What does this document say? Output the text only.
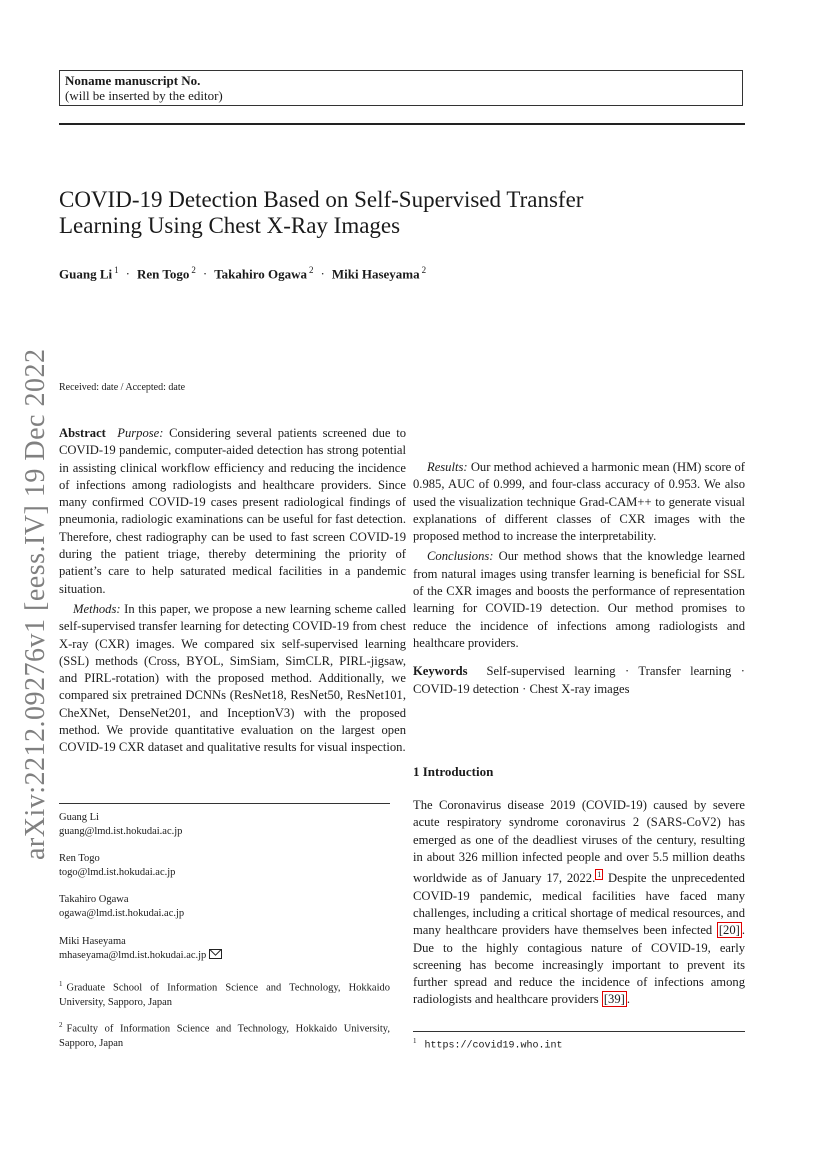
Noname manuscript No.
(will be inserted by the editor)
COVID-19 Detection Based on Self-Supervised Transfer
Learning Using Chest X-Ray Images
Guang Li $^1$ · Ren Togo $^2$ · Takahiro Ogawa $^2$ · Miki Haseyama $^2$
arXiv:2212.09276v1 [eess.IV] 19 Dec 2022 Received: date / Accepted: date

Abstract Purpose: Considering several patients screened due to COVID-19 pandemic, computer-aided detection has strong potential in assisting clinical workflow efficiency and reducing the incidence of infections among radiologists and healthcare providers. Since many confirmed COVID-19 cases present radiological findings of pneumonia, radiologic examinations can be useful for fast detection. Therefore, chest radiography can be used to fast screen COVID-19 during the patient triage, thereby determining the priority of patient’s care to help saturated medical facilities in a pandemic situation.

Methods: In this paper, we propose a new learning scheme called self-supervised transfer learning for detecting COVID-19 from chest X-ray (CXR) images. We compared six self-supervised learning (SSL) methods (Cross, BYOL, SimSiam, SimCLR, PIRL-jigsaw, and PIRL-rotation) with the proposed method. Additionally, we compared six pretrained DCNNs (ResNet18, ResNet50, ResNet101, CheXNet, DenseNet201, and InceptionV3) with the proposed method. We provide quantitative evaluation on the largest open COVID-19 CXR dataset and qualitative results for visual inspection.

Results: Our method achieved a harmonic mean (HM) score of 0.985, AUC of 0.999, and four-class accuracy of 0.953. We also used the visualization technique Grad-CAM++ to generate visual explanations of different classes of CXR images with the proposed method to increase the interpretability.

Conclusions: Our method shows that the knowledge learned from natural images using transfer learning is beneficial for SSL of the CXR images and boosts the performance of representation learning for COVID-19 detection. Our method promises to reduce the incidence of infections among radiologists and healthcare providers.

Keywords Self-supervised learning · Transfer learning · COVID-19 detection · Chest X-ray images

1 Introduction

The Coronavirus disease 2019 (COVID-19) caused by severe acute respiratory syndrome coronavirus 2 (SARS-CoV2) has emerged as one of the deadliest viruses of the century, resulting in about 326 million infected people and over 5.5 million deaths worldwide as of January 17, 2022. $^1$ Despite the unprecedented COVID-19 pandemic, medical facilities have faced many challenges, including a critical shortage of medical resources, and many healthcare providers have themselves been infected [20] . Due to the highly contagious nature of COVID-19, early screening has become increasingly important to prevent its further spread and reduce the incidence of infections among radiologists and healthcare providers [39] .

Guang Li
guang@lmd.ist.hokudai.ac.jp
Ren Togo
togo@lmd.ist.hokudai.ac.jp
Takahiro Ogawa
ogawa@lmd.ist.hokudai.ac.jp
Miki Haseyama
mhaseyama@lmd.ist.hokudai.ac.jp
$^1$ Graduate School of Information Science and Technology, Hokkaido University, Sapporo, Japan
$^2$ Faculty of Information Science and Technology, Hokkaido University, Sapporo, Japan	$^1$ https://covid19.who.int
